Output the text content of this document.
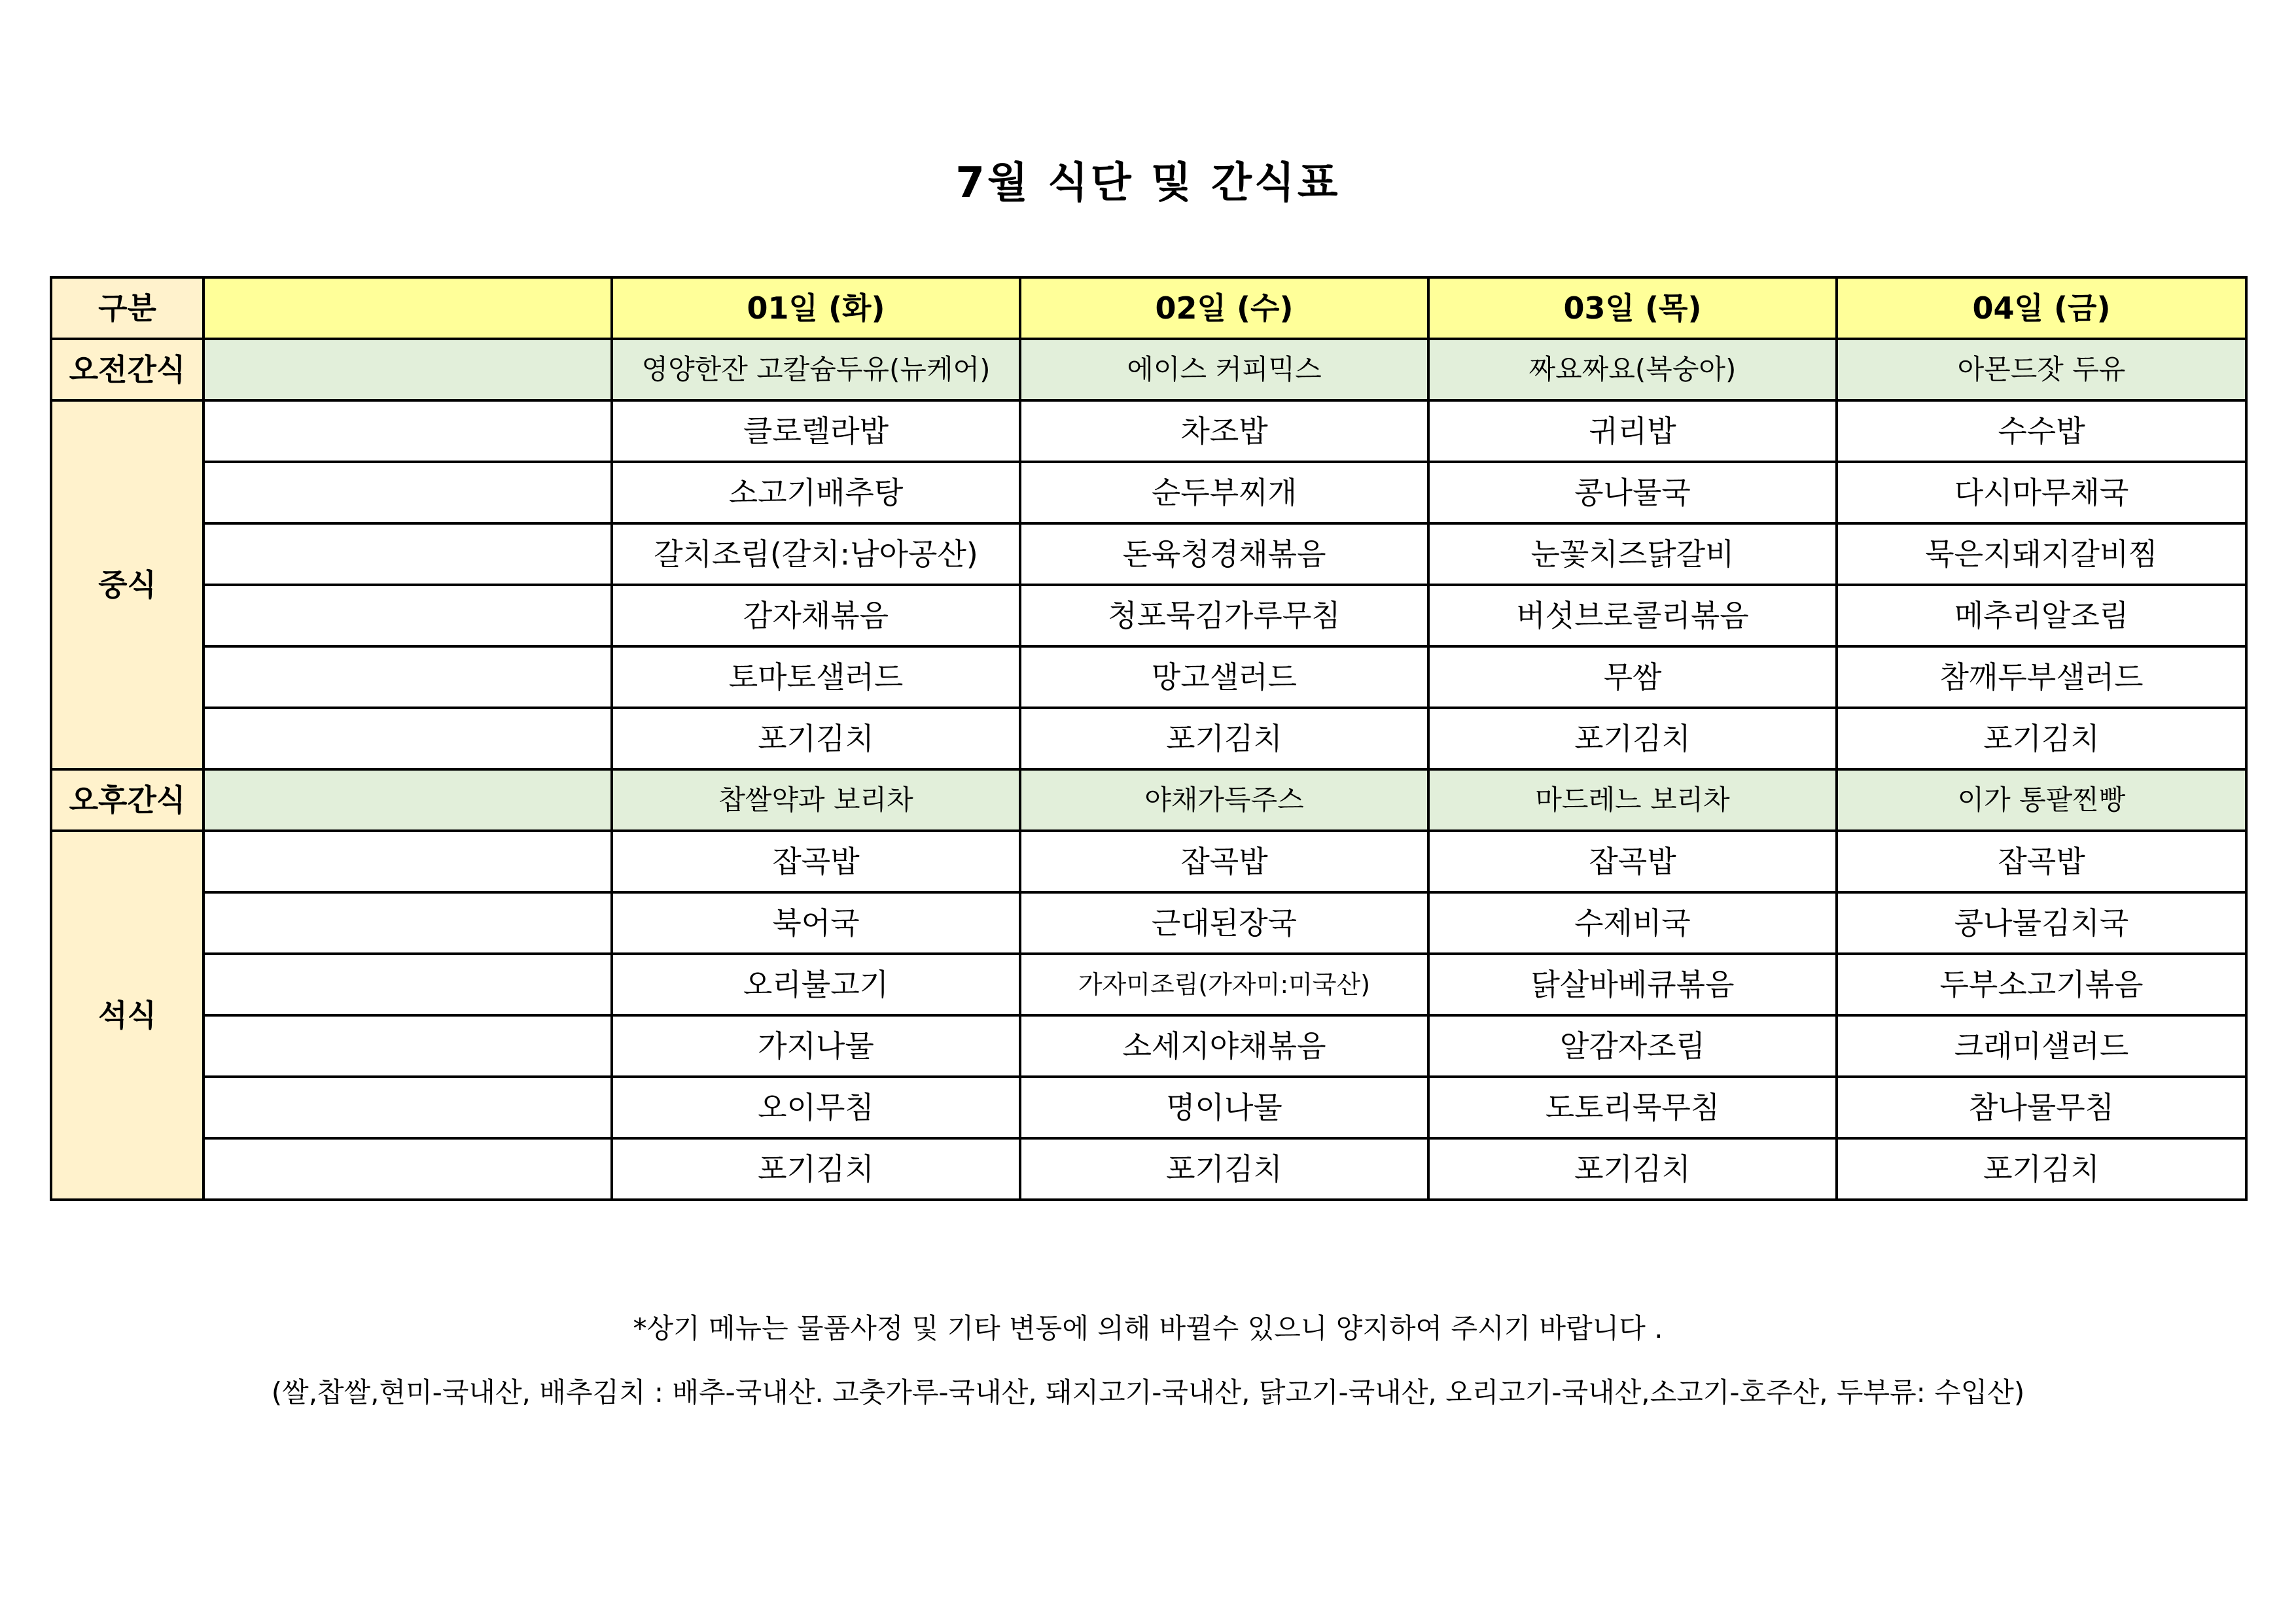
7월 식단 및 간식표
구분		01일 (화)	02일 (수)	03일 (목)	04일 (금)
오전간식		영양한잔 고칼슘두유(뉴케어)	에이스 커피믹스	짜요짜요(복숭아)	아몬드잣 두유
중식		클로렐라밥	차조밥	귀리밥	수수밥
		소고기배추탕	순두부찌개	콩나물국	다시마무채국
		갈치조림(갈치:남아공산)	돈육청경채볶음	눈꽃치즈닭갈비	묵은지돼지갈비찜
		감자채볶음	청포묵김가루무침	버섯브로콜리볶음	메추리알조림
		토마토샐러드	망고샐러드	무쌈	참깨두부샐러드
		포기김치	포기김치	포기김치	포기김치
오후간식		찹쌀약과 보리차	야채가득주스	마드레느 보리차	이가 통팥찐빵
석식		잡곡밥	잡곡밥	잡곡밥	잡곡밥
		북어국	근대된장국	수제비국	콩나물김치국
		오리불고기	가자미조림(가자미:미국산)	닭살바베큐볶음	두부소고기볶음
		가지나물	소세지야채볶음	알감자조림	크래미샐러드
		오이무침	명이나물	도토리묵무침	참나물무침
		포기김치	포기김치	포기김치	포기김치
*상기 메뉴는 물품사정 및 기타 변동에 의해 바뀔수 있으니 양지하여 주시기 바랍니다 .
(쌀,찹쌀,현미-국내산, 배추김치 : 배추-국내산. 고춧가루-국내산, 돼지고기-국내산, 닭고기-국내산, 오리고기-국내산,소고기-호주산, 두부류: 수입산)
